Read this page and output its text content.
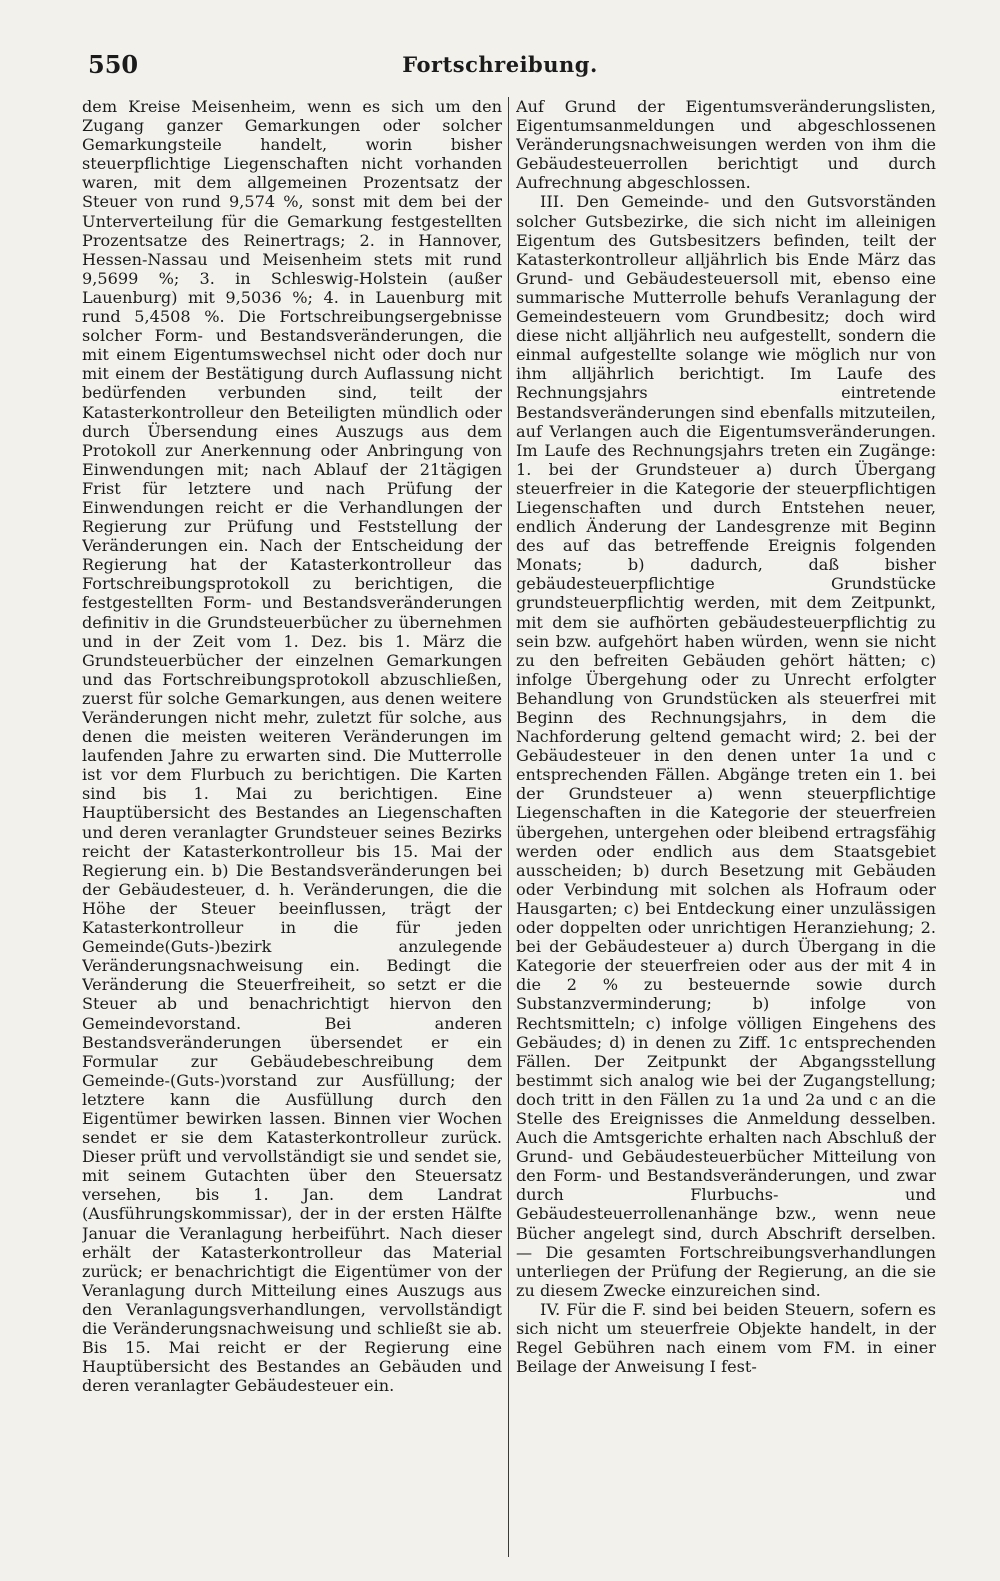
550	Fortschreibung.

dem Kreise Meisenheim, wenn es sich um den Zugang ganzer Gemarkungen oder solcher Gemarkungsteile handelt, worin bisher steuerpflichtige Liegenschaften nicht vorhanden waren, mit dem allgemeinen Prozentsatz der Steuer von rund 9,574 %, sonst mit dem bei der Unterverteilung für die Gemarkung festgestellten Prozentsatze des Reinertrags; 2. in Hannover, Hessen-Nassau und Meisenheim stets mit rund 9,5699 %; 3. in Schleswig-Holstein (außer Lauenburg) mit 9,5036 %; 4. in Lauenburg mit rund 5,4508 %. Die Fortschreibungsergebnisse solcher Form- und Bestandsveränderungen, die mit einem Eigentumswechsel nicht oder doch nur mit einem der Bestätigung durch Auflassung nicht bedürfenden verbunden sind, teilt der Katasterkontrolleur den Beteiligten mündlich oder durch Übersendung eines Auszugs aus dem Protokoll zur Anerkennung oder Anbringung von Einwendungen mit; nach Ablauf der 21tägigen Frist für letztere und nach Prüfung der Einwendungen reicht er die Verhandlungen der Regierung zur Prüfung und Feststellung der Veränderungen ein. Nach der Entscheidung der Regierung hat der Katasterkontrolleur das Fortschreibungsprotokoll zu berichtigen, die festgestellten Form- und Bestandsveränderungen definitiv in die Grundsteuerbücher zu übernehmen und in der Zeit vom 1. Dez. bis 1. März die Grundsteuerbücher der einzelnen Gemarkungen und das Fortschreibungsprotokoll abzuschließen, zuerst für solche Gemarkungen, aus denen weitere Veränderungen nicht mehr, zuletzt für solche, aus denen die meisten weiteren Veränderungen im laufenden Jahre zu erwarten sind. Die Mutterrolle ist vor dem Flurbuch zu berichtigen. Die Karten sind bis 1. Mai zu berichtigen. Eine Hauptübersicht des Bestandes an Liegenschaften und deren veranlagter Grundsteuer seines Bezirks reicht der Katasterkontrolleur bis 15. Mai der Regierung ein. b) Die Bestandsveränderungen bei der Gebäudesteuer, d. h. Veränderungen, die die Höhe der Steuer beeinflussen, trägt der Katasterkontrolleur in die für jeden Gemeinde(Guts-)bezirk anzulegende Veränderungsnachweisung ein. Bedingt die Veränderung die Steuerfreiheit, so setzt er die Steuer ab und benachrichtigt hiervon den Gemeindevorstand. Bei anderen Bestandsveränderungen übersendet er ein Formular zur Gebäudebeschreibung dem Gemeinde-(Guts-)vorstand zur Ausfüllung; der letztere kann die Ausfüllung durch den Eigentümer bewirken lassen. Binnen vier Wochen sendet er sie dem Katasterkontrolleur zurück. Dieser prüft und vervollständigt sie und sendet sie, mit seinem Gutachten über den Steuersatz versehen, bis 1. Jan. dem Landrat (Ausführungskommissar), der in der ersten Hälfte Januar die Veranlagung herbeiführt. Nach dieser erhält der Katasterkontrolleur das Material zurück; er benachrichtigt die Eigentümer von der Veranlagung durch Mitteilung eines Auszugs aus den Veranlagungsverhandlungen, vervollständigt die Veränderungsnachweisung und schließt sie ab. Bis 15. Mai reicht er der Regierung eine Hauptübersicht des Bestandes an Gebäuden und deren veranlagter Gebäudesteuer ein.

Auf Grund der Eigentumsveränderungslisten, Eigentumsanmeldungen und abgeschlossenen Veränderungsnachweisungen werden von ihm die Gebäudesteuerrollen berichtigt und durch Aufrechnung abgeschlossen.

III. Den Gemeinde- und den Gutsvorständen solcher Gutsbezirke, die sich nicht im alleinigen Eigentum des Gutsbesitzers befinden, teilt der Katasterkontrolleur alljährlich bis Ende März das Grund- und Gebäudesteuersoll mit, ebenso eine summarische Mutterrolle behufs Veranlagung der Gemeindesteuern vom Grundbesitz; doch wird diese nicht alljährlich neu aufgestellt, sondern die einmal aufgestellte solange wie möglich nur von ihm alljährlich berichtigt. Im Laufe des Rechnungsjahrs eintretende Bestandsveränderungen sind ebenfalls mitzuteilen, auf Verlangen auch die Eigentumsveränderungen. Im Laufe des Rechnungsjahrs treten ein Zugänge: 1. bei der Grundsteuer a) durch Übergang steuerfreier in die Kategorie der steuerpflichtigen Liegenschaften und durch Entstehen neuer, endlich Änderung der Landesgrenze mit Beginn des auf das betreffende Ereignis folgenden Monats; b) dadurch, daß bisher gebäudesteuerpflichtige Grundstücke grundsteuerpflichtig werden, mit dem Zeitpunkt, mit dem sie aufhörten gebäudesteuerpflichtig zu sein bzw. aufgehört haben würden, wenn sie nicht zu den befreiten Gebäuden gehört hätten; c) infolge Übergehung oder zu Unrecht erfolgter Behandlung von Grundstücken als steuerfrei mit Beginn des Rechnungsjahrs, in dem die Nachforderung geltend gemacht wird; 2. bei der Gebäudesteuer in den denen unter 1a und c entsprechenden Fällen. Abgänge treten ein 1. bei der Grundsteuer a) wenn steuerpflichtige Liegenschaften in die Kategorie der steuerfreien übergehen, untergehen oder bleibend ertragsfähig werden oder endlich aus dem Staatsgebiet ausscheiden; b) durch Besetzung mit Gebäuden oder Verbindung mit solchen als Hofraum oder Hausgarten; c) bei Entdeckung einer unzulässigen oder doppelten oder unrichtigen Heranziehung; 2. bei der Gebäudesteuer a) durch Übergang in die Kategorie der steuerfreien oder aus der mit 4 in die 2 % zu besteuernde sowie durch Substanzverminderung; b) infolge von Rechtsmitteln; c) infolge völligen Eingehens des Gebäudes; d) in denen zu Ziff. 1c entsprechenden Fällen. Der Zeitpunkt der Abgangsstellung bestimmt sich analog wie bei der Zugangstellung; doch tritt in den Fällen zu 1a und 2a und c an die Stelle des Ereignisses die Anmeldung desselben. Auch die Amtsgerichte erhalten nach Abschluß der Grund- und Gebäudesteuerbücher Mitteilung von den Form- und Bestandsveränderungen, und zwar durch Flurbuchs- und Gebäudesteuerrollenanhänge bzw., wenn neue Bücher angelegt sind, durch Abschrift derselben. — Die gesamten Fortschreibungsverhandlungen unterliegen der Prüfung der Regierung, an die sie zu diesem Zwecke einzureichen sind.

IV. Für die F. sind bei beiden Steuern, sofern es sich nicht um steuerfreie Objekte handelt, in der Regel Gebühren nach einem vom FM. in einer Beilage der Anweisung I fest-
